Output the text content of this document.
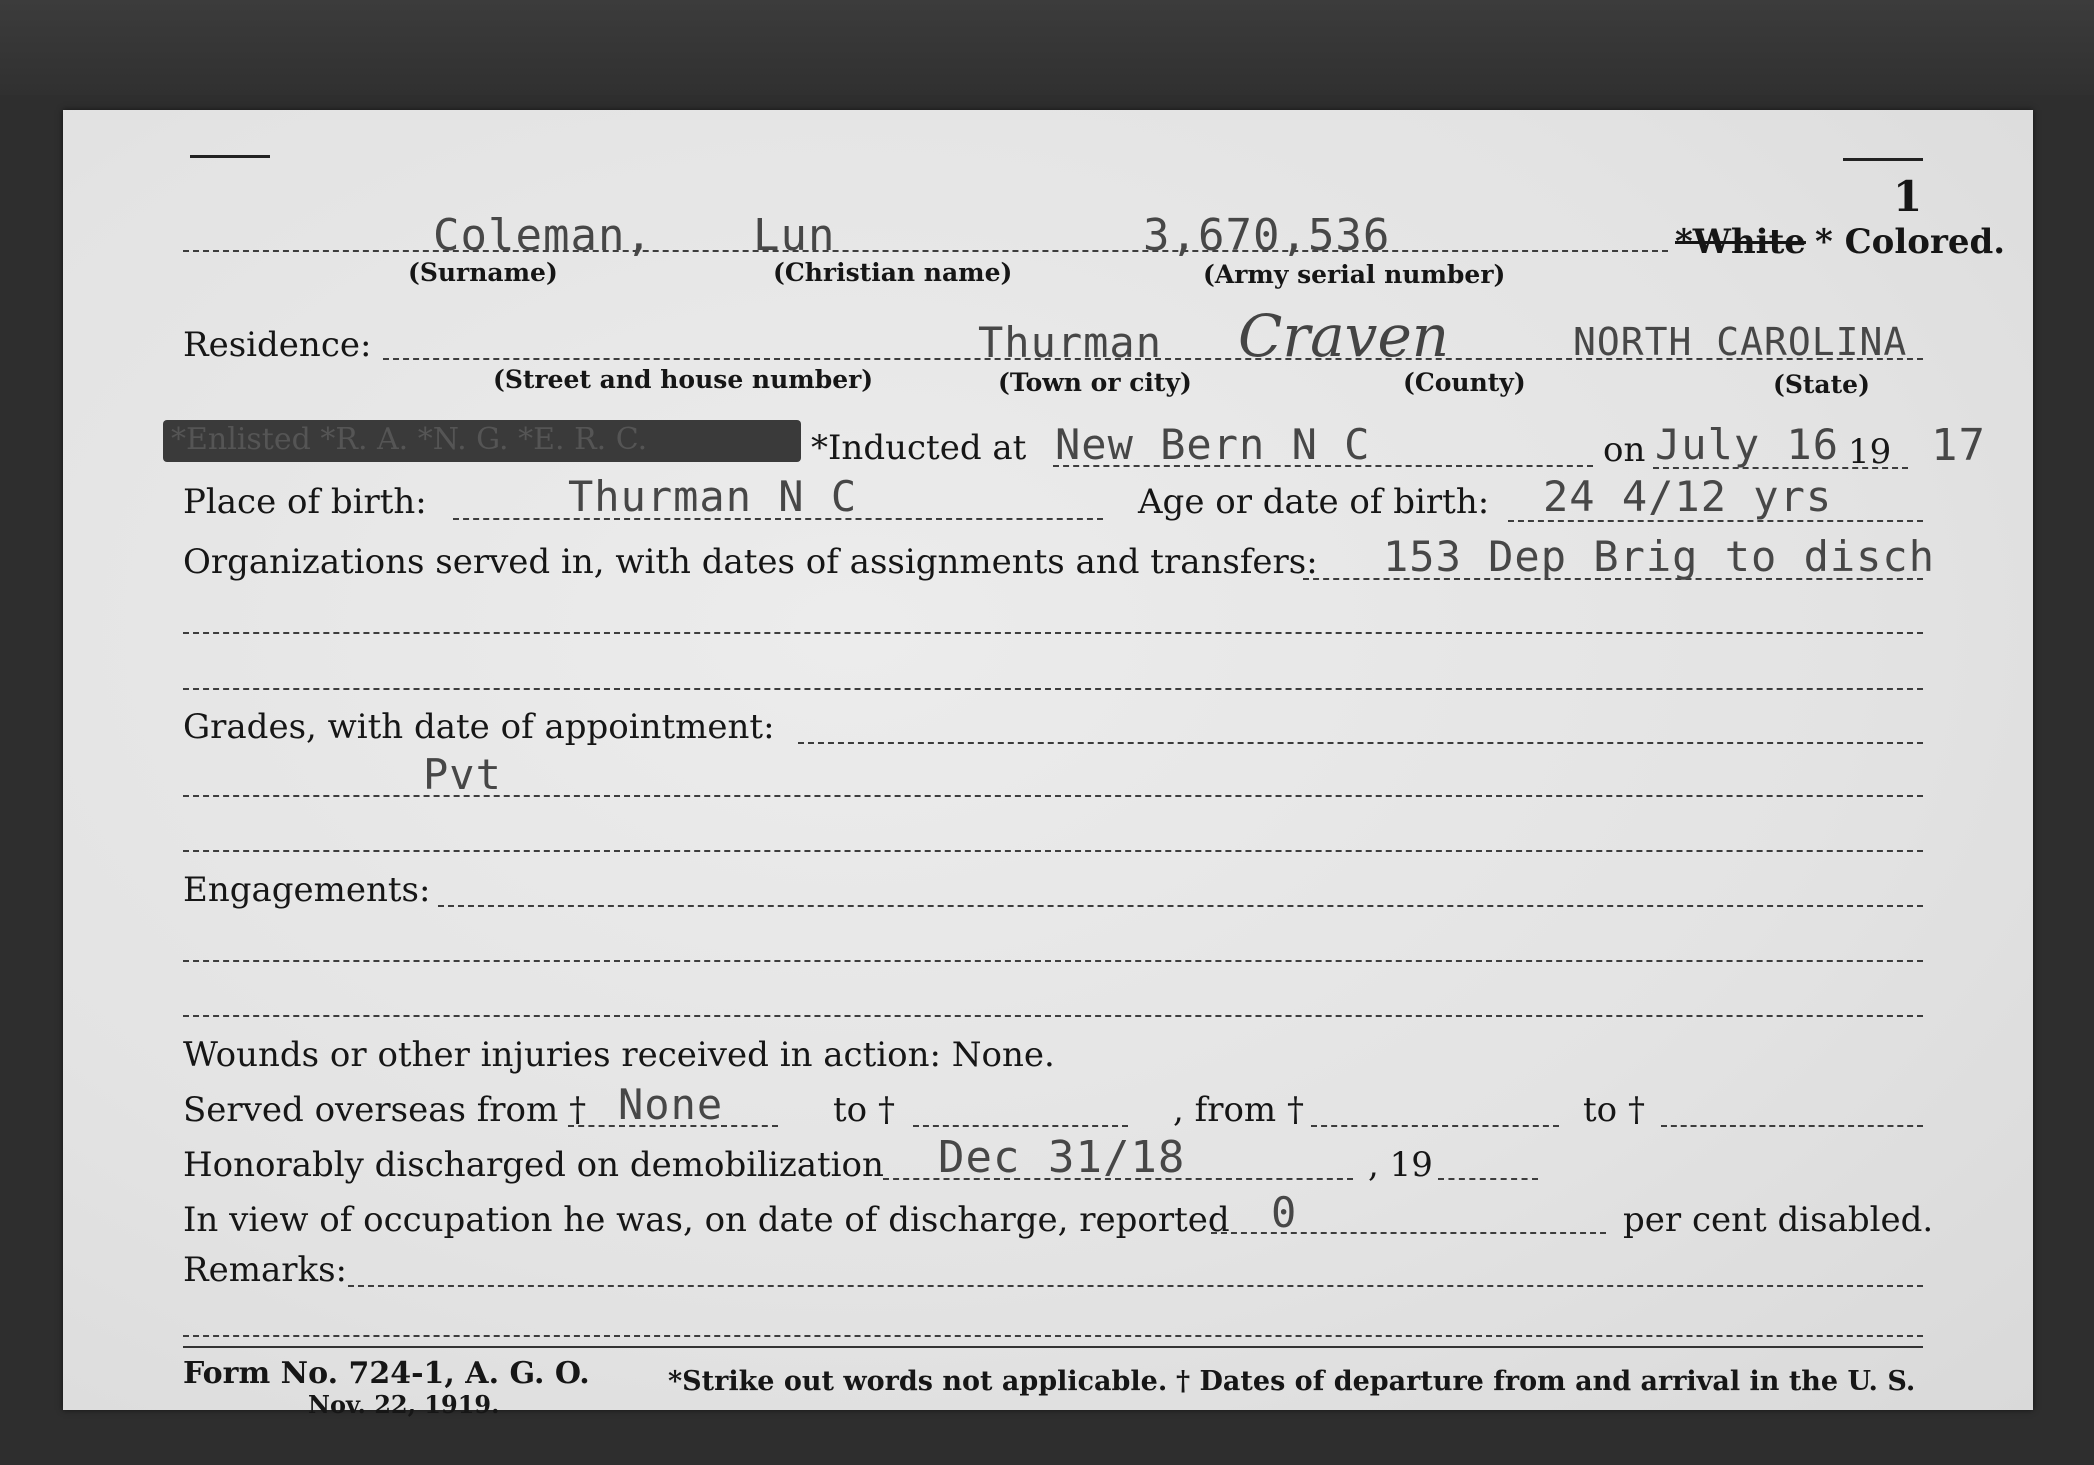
1
Coleman, Lun	3,670,536	*White * Colored.
(Surname)	(Christian name)	(Army serial number)
Residence:	Thurman Craven	NORTH CAROLINA
(Street and house number)	(Town or city)	(County)	(State)
*Enlisted *R. A. *N. G. *E. R. C.	*Inducted at New Bern N C	on July 16 19 17
Place of birth:	Thurman N C	Age or date of birth: 24 4/12 yrs
Organizations served in, with dates of assignments and transfers: 153 Dep Brig to disch
Grades, with date of appointment:
Pvt
Engagements:
Wounds or other injuries received in action: None.
Served overseas from † None	to †	, from †	to †
Honorably discharged on demobilization Dec 31/18	, 19
In view of occupation he was, on date of discharge, reported 0	per cent disabled.
Remarks:
Form No. 724-1, A. G. O.
Nov. 22, 1919.
*Strike out words not applicable. † Dates of departure from and arrival in the U. S.
